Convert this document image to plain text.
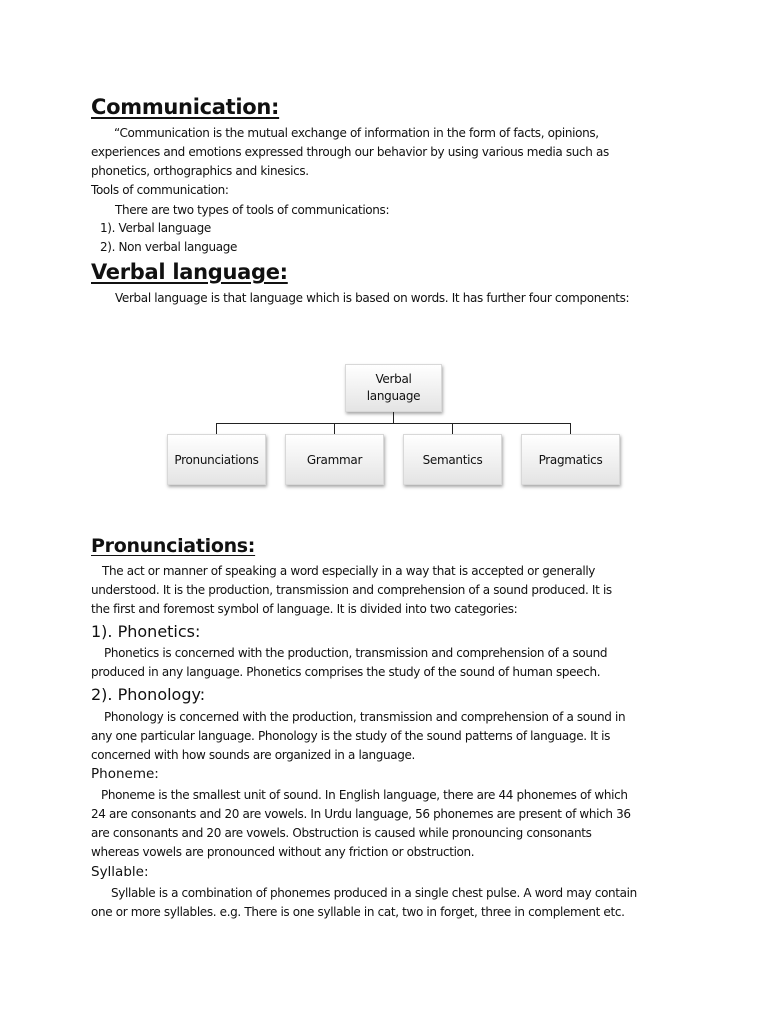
Communication:
“Communication is the mutual exchange of information in the form of facts, opinions,
experiences and emotions expressed through our behavior by using various media such as
phonetics, orthographics and kinesics.
Tools of communication:
There are two types of tools of communications:
1). Verbal language
2). Non verbal language
Verbal language:
Verbal language is that language which is based on words. It has further four components:
Verbal
language
Pronunciations	Grammar	Semantics	Pragmatics
Pronunciations:
The act or manner of speaking a word especially in a way that is accepted or generally
understood. It is the production, transmission and comprehension of a sound produced. It is
the first and foremost symbol of language. It is divided into two categories:
1). Phonetics:
Phonetics is concerned with the production, transmission and comprehension of a sound
produced in any language. Phonetics comprises the study of the sound of human speech.
2). Phonology:
Phonology is concerned with the production, transmission and comprehension of a sound in
any one particular language. Phonology is the study of the sound patterns of language. It is
concerned with how sounds are organized in a language.
Phoneme:
Phoneme is the smallest unit of sound. In English language, there are 44 phonemes of which
24 are consonants and 20 are vowels. In Urdu language, 56 phonemes are present of which 36
are consonants and 20 are vowels. Obstruction is caused while pronouncing consonants
whereas vowels are pronounced without any friction or obstruction.
Syllable:
Syllable is a combination of phonemes produced in a single chest pulse. A word may contain
one or more syllables. e.g. There is one syllable in cat, two in forget, three in complement etc.
